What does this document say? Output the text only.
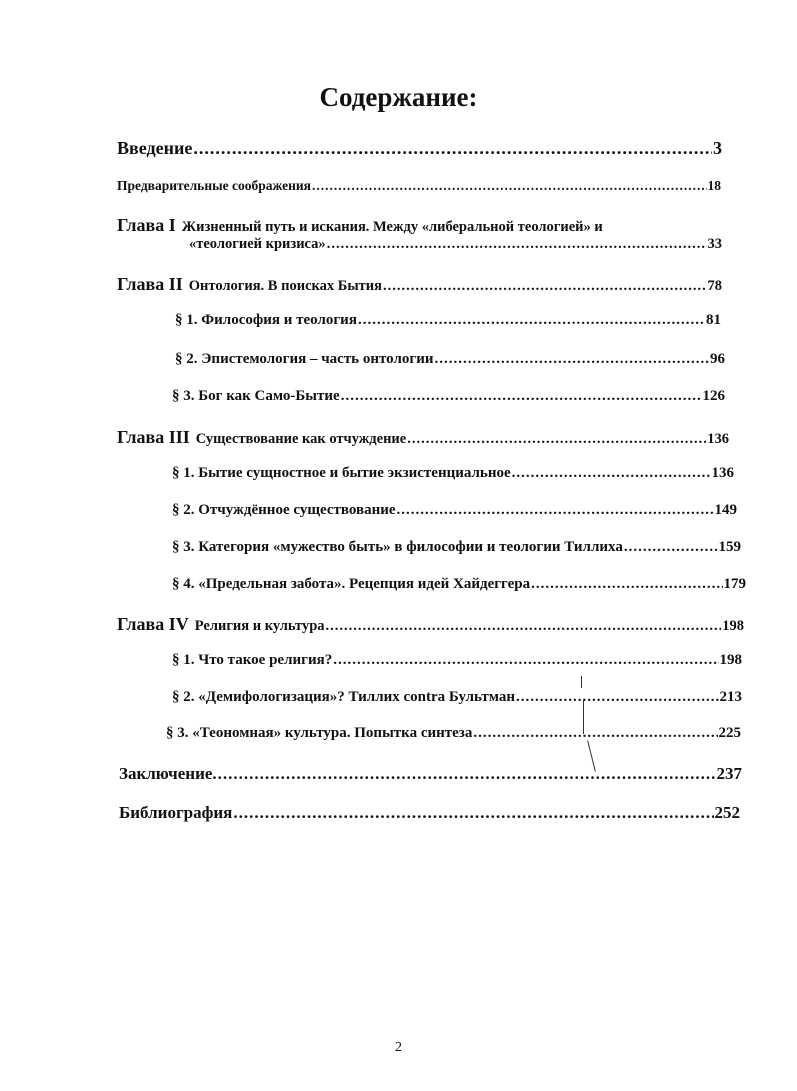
Содержание:
Введение .....	3
Предварительные соображения .....	18
Глава I Жизненный путь и искания. Между «либеральной теологией» и
«теологией кризиса» .....	33
Глава II Онтология. В поисках Бытия .....	78
§ 1. Философия и теология .....	81
§ 2. Эпистемология – часть онтологии .....	96
§ 3. Бог как Само-Бытие .....	126
Глава III Существование как отчуждение .....	136
§ 1. Бытие сущностное и бытие экзистенциальное .....	136
§ 2. Отчуждённое существование .....	149
§ 3. Категория «мужество быть» в философии и теологии Тиллиха .....	159
§ 4. «Предельная забота». Рецепция идей Хайдеггера .....	179
Глава IV Религия и культура .....	198
§ 1. Что такое религия? .....	198
§ 2. «Демифологизация»? Тиллих contra Бультман .....	213
§ 3. «Теономная» культура. Попытка синтеза .....	225
Заключение. .....	237
Библиография .....	252
2
